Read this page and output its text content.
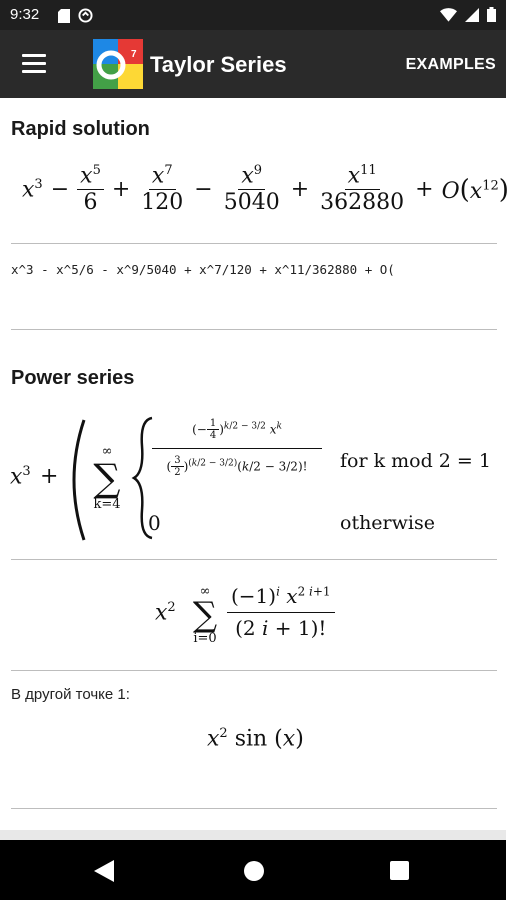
9:32
7 Taylor Series	EXAMPLES
Rapid solution
$x^3 - \frac{x^5}{6} + \frac{x^7}{120} - \frac{x^9}{5040} + \frac{x^{11}}{362880} + O(x^{12})$
x^3 - x^5/6 - x^9/5040 + x^7/120 + x^11/362880 + O(
Power series
$x^3$ +
∞
∑
k=4
$\frac{(- \frac{1}{4} )^{k/2 - 3/2} x^k}{( \frac{3}{2} )^{(k/2 - 3/2)}(k/2 - 3/2)!}$
0
for k mod 2 = 1
otherwise
$x^2$
∞
∑
$i=0 \frac{(-1)^i x^{2 i+1}}{(2 i + 1)!}$
В другой точке 1:
$x^2$ sin (x)
